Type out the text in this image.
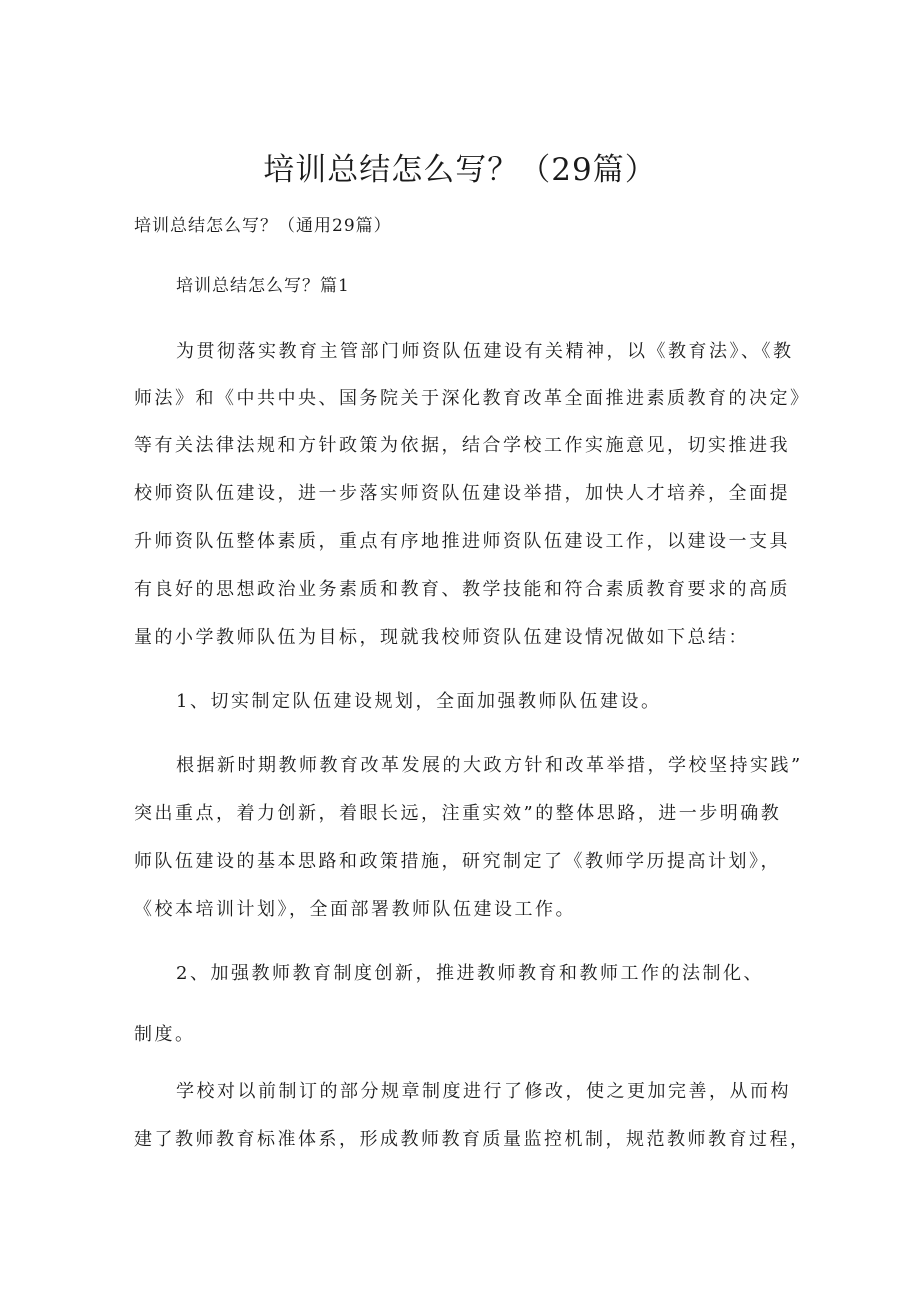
培训总结怎么写？（29篇）
培训总结怎么写？（通用29篇）
培训总结怎么写？篇1
为贯彻落实教育主管部门师资队伍建设有关精神，以《教育法》、《教
师法》和《中共中央、国务院关于深化教育改革全面推进素质教育的决定》
等有关法律法规和方针政策为依据，结合学校工作实施意见，切实推进我
校师资队伍建设，进一步落实师资队伍建设举措，加快人才培养，全面提
升师资队伍整体素质，重点有序地推进师资队伍建设工作，以建设一支具
有良好的思想政治业务素质和教育、教学技能和符合素质教育要求的高质
量的小学教师队伍为目标，现就我校师资队伍建设情况做如下总结：
1、切实制定队伍建设规划，全面加强教师队伍建设。
根据新时期教师教育改革发展的大政方针和改革举措，学校坚持实践”
突出重点，着力创新，着眼长远，注重实效”的整体思路，进一步明确教
师队伍建设的基本思路和政策措施，研究制定了《教师学历提高计划》，
《校本培训计划》，全面部署教师队伍建设工作。
2、加强教师教育制度创新，推进教师教育和教师工作的法制化、
制度。
学校对以前制订的部分规章制度进行了修改，使之更加完善，从而构
建了教师教育标准体系，形成教师教育质量监控机制，规范教师教育过程，
